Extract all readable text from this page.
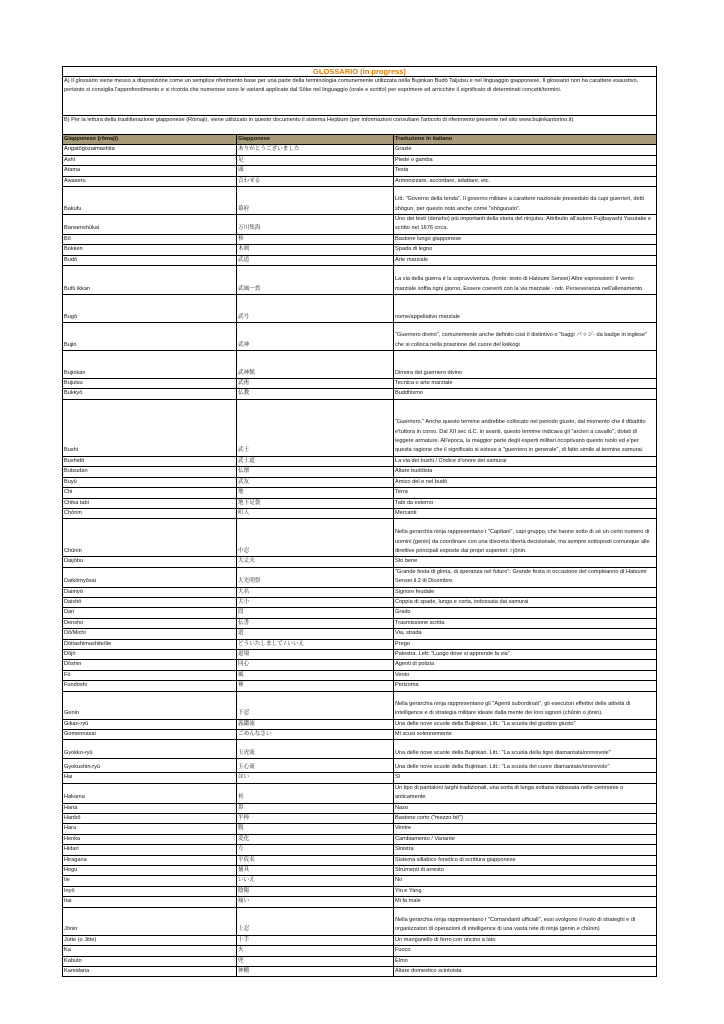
GLOSSARIO (in progress)		
A) Il glossario viene messo a disposizione come un semplice riferimento base per una parte della terminologia comunemente utilizzata nella Bujinkan Budō Taijutsu e nel linguaggio giapponese. Il glossario non ha carattere esaustivo, pertanto si consiglia l'approfondimento e si ricorda che numerose sono le varianti applicate dal Sōke nel linguaggio (orale e scritto) per esprimere ed arricchire il significato di determinati concetti/termini.		
B) Per la lettura della traslitterazione giapponese (Rōmaji), viene utilizzato in questo documento il sistema Hepburn (per informazioni consultare l'articolo di riferimento presente nel sito www.bujinkantorino.it)		
Giapponese (rōmaji)	Giapponese	Traduzione in italiano
Arigatōgozaimashita	ありがとうございました	Grazie
Ashi	足	Piede o gamba
Atama	頭	Testa
Awaseru	合わせる	Armonizzare, accordare, adattare, etc.
Bakufu	幕府	Litt. "Governo della tenda". Il governo militare a carattere nazionale presieduto da capi guerrieri, detti shōgun, per questo noto anche come "shōgunato".
Bansenshūkai	万川集海	Uno dei testi (densho) più importanti della storia del ninjutsu. Attribuito all'autore Fujibayashi Yasutake e scritto nel 1676 circa.
Bō	棒	Bastone lungo giapponese
Bokken	木剣	Spada di legno
Budō	武道	Arte marziale
Bufū ikkan	武風一貫	La via della guerra è la sopravvivenza. (fonte: testo di Hatsumi Sensei) Altre espressioni: Il vento marziale soffia ogni giorno, Essere coerenti con la via marziale - ndr. Perseveranza nell'allenamento
Bugō	武号	nome/appellativo marziale
Bujin	武神	"Guerriero divino", comunemente anche definito così il distintivo o "baggi バッジ- da badge in inglese" che si colloca nella posizione del cuore del keikogi
Bujinkan	武神館	Dimora del guerriero divino
Bujutsu	武術	Tecnica o arte marziale
Bukkyō	仏教	Buddhismo
Bushi	武士	"Guerriero." Anche questo termine andrebbe collocato nel periodo giusto, dal momento che il dibattito e'tuttora in corso. Dal XII sec d.C. in avanti, questo termine indicava gli "arcieri a cavallo", dotati di leggere armature. All'epoca, la maggior parte degli esperti militari ricoprivano questo ruolo ed e'per questa ragione che il significato si estese a "guerriero in generale", di fatto simile al termine samurai.
Bushidō	武士道	La via dei bushi / Codice d'onore dei samurai
Butsudan	仏壇	Altare buddista
Buyū	武友	Amico del e nel budō
Chi	地	Terra
Chika tabi	地下足袋	Tabi da esterno
Chōnin	町人	Mercanti
Chūnin	中忍	Nella gerarchia ninja rappresentano i "Capitani", capi gruppo, che hanno sotto di sé un certo numero di uomini (genin) da coordinare con una discreta libertà decisionale, ma sempre sottoposti comunque alle direttive principali esposte dai propri superiori: i jōnin.
Daijōbu	大丈夫	Sto bene
Daikōmyōsai	大光明祭	"Grande festa di gloria, di speranza nel futuro". Grande festa in occasione del compleanno di Hatsumi Sensei il 2 di Dicembre.
Daimyō	大名	Signore feudale
Daishō	大小	Coppia di spade, lunga e corta, indossata dai samurai
Dan	段	Grado
Densho	伝書	Trasmissione scritta
Dō/Michi	道	Via, strada
Dōitashimashite/Iie	どういたしまして / いいえ	Prego
Dōjō	道場	Palestra. Lett: "Luogo dove si apprende la via"
Dōshin	同心	Agenti di polizia
Fū	風	Vento
Fundoshi	褌	Perizoma
Genin	下忍	Nella gerarchia ninja rappresentano gli "Agenti subordinati", gli esecutori effettivi delle attività di intelligence e di strategia militare ideate dalla mente dei loro signori (chūnin o jōnin).
Gikan-ryū	義鑑流	Una delle nove scuole della Bujinkan. Litt.: "La scuola del giudizio giusto"
Gomennasai	ごめんなさい	Mi scusi solennemente
Gyokko-ryū	玉虎流	Una delle nove scuole della Bujinkan. Litt.: "La scuola della tigre diamantata/onorevole"
Gyokushin-ryū	玉心流	Una delle nove scuole della Bujinkan. Litt.: "La scuola del cuore diamantato/onorevole"
Hai	はい	Sì
Hakama	袴	Un tipo di pantaloni larghi tradizionali, una sorta di lunga sottana indossata nelle cerimonie o anticamente
Hana	鼻	Naso
Hanbō	半棒	Bastone corto ("mezzo bō")
Hara	腹	Ventre
Henka	変化	Cambiamento / Variante
Hidari	左	Sinistra
Hiragana	平仮名	Sistema sillabico fonetico di scrittura giapponese
Hogu	捕具	Strumenti di arresto
Iie	いいえ	No
Inyō	陰陽	Yin e Yang
Itai	痛い	Mi fa male
Jōnin	上忍	Nella gerarchia ninja rappresentano i "Comandanti ufficiali", essi svolgono il ruolo di strateghi e di organizzatori di operazioni di intelligence di una vasta rete di ninja (genin e chūnin)
Jutte (o Jitte)	十手	Un manganello di ferro con uncino a lato
Ka	火	Fuoco
Kabuto	兜	Elmo
Kamidana	神棚	Altare domestico scintoista
